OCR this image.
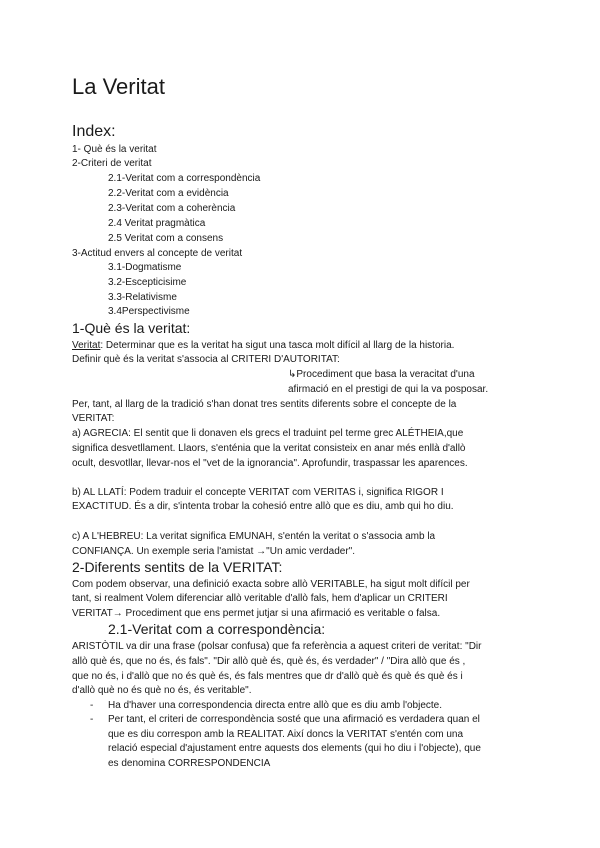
La Veritat
Index:
1- Què és la veritat
2-Criteri de veritat
2.1-Veritat com a correspondència
2.2-Veritat com a evidència
2.3-Veritat com a coherència
2.4 Veritat pragmàtica
2.5 Veritat com a consens
3-Actitud envers al concepte de veritat
3.1-Dogmatisme
3.2-Escepticisime
3.3-Relativisme
3.4Perspectivisme
1-Què és la veritat:
Veritat: Determinar que es la veritat ha sigut una tasca molt difícil al llarg de la historia.
Definir què és la veritat s'associa al CRITERI D'AUTORITAT:
↳Procediment que basa la veracitat d'una
afirmació en el prestigi de qui la va posposar.
Per, tant, al llarg de la tradició s'han donat tres sentits diferents sobre el concepte de la
VERITAT:
a) AGRECIA: El sentit que li donaven els grecs el traduint pel terme grec ALÉTHEIA,que
significa desvetllament. Llaors, s'enténia que la veritat consisteix en anar més enllà d'allò
ocult, desvotllar, llevar-nos el "vet de la ignorancia". Aprofundir, traspassar les aparences.
b) AL LLATÍ: Podem traduir el concepte VERITAT com VERITAS i, significa RIGOR I
EXACTITUD. És a dir, s'intenta trobar la cohesió entre allò que es diu, amb qui ho diu.
c) A L'HEBREU: La veritat significa EMUNAH, s'entén la veritat o s'associa amb la
CONFIANÇA. Un exemple seria l'amistat →"Un amic verdader".
2-Diferents sentits de la VERITAT:
Com podem observar, una definició exacta sobre allò VERITABLE, ha sigut molt difícil per
tant, si realment Volem diferenciar allò veritable d'allò fals, hem d'aplicar un CRITERI
VERITAT→ Procediment que ens permet jutjar si una afirmació es veritable o falsa.
2.1-Veritat com a correspondència:
ARISTÒTIL va dir una frase (polsar confusa) que fa referència a aquest criteri de veritat: "Dir
allò què és, que no és, és fals". "Dir allò què és, què és, és verdader" / "Dira allò que és ,
que no és, i d'allò que no és què és, és fals mentres que dr d'allò què és què és què és i
d'allò què no és què no és, és veritable".
- Ha d'haver una correspondencia directa entre allò que es diu amb l'objecte.
- Per tant, el criteri de correspondència sosté que una afirmació es verdadera quan el
que es diu correspon amb la REALITAT. Així doncs la VERITAT s'entén com una
relació especial d'ajustament entre aquests dos elements (qui ho diu i l'objecte), que
es denomina CORRESPONDENCIA
